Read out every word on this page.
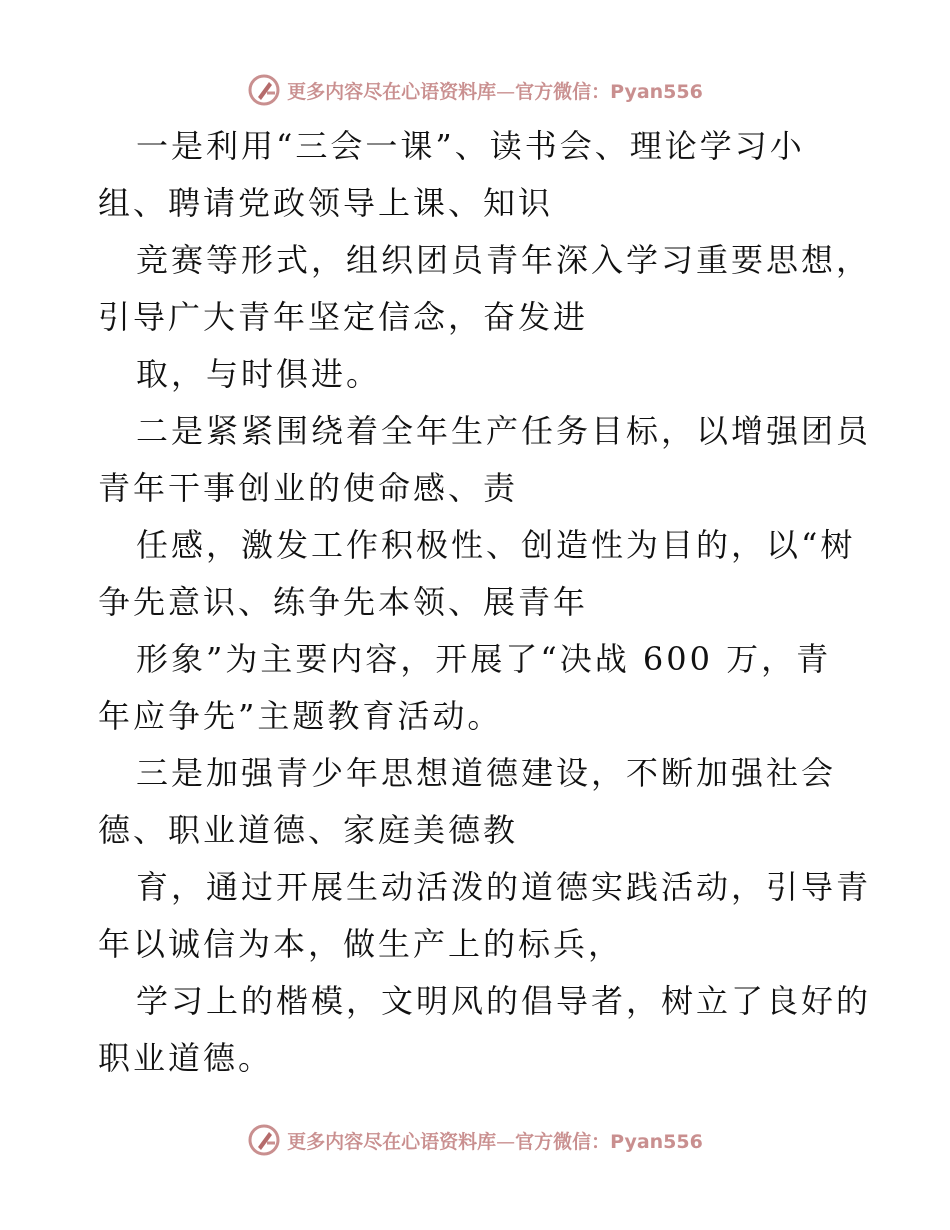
更多内容尽在心语资料库—官方微信：Pyan556

一是利用“三会一课”、读书会、理论学习小

组、聘请党政领导上课、知识

竞赛等形式，组织团员青年深入学习重要思想，

引导广大青年坚定信念，奋发进

取，与时俱进。

二是紧紧围绕着全年生产任务目标，以增强团员

青年干事创业的使命感、责

任感，激发工作积极性、创造性为目的，以“树

争先意识、练争先本领、展青年

形象”为主要内容，开展了“决战 600 万，青

年应争先”主题教育活动。

三是加强青少年思想道德建设，不断加强社会

德、职业道德、家庭美德教

育，通过开展生动活泼的道德实践活动，引导青

年以诚信为本，做生产上的标兵，

学习上的楷模，文明风的倡导者，树立了良好的

职业道德。

更多内容尽在心语资料库—官方微信：Pyan556
